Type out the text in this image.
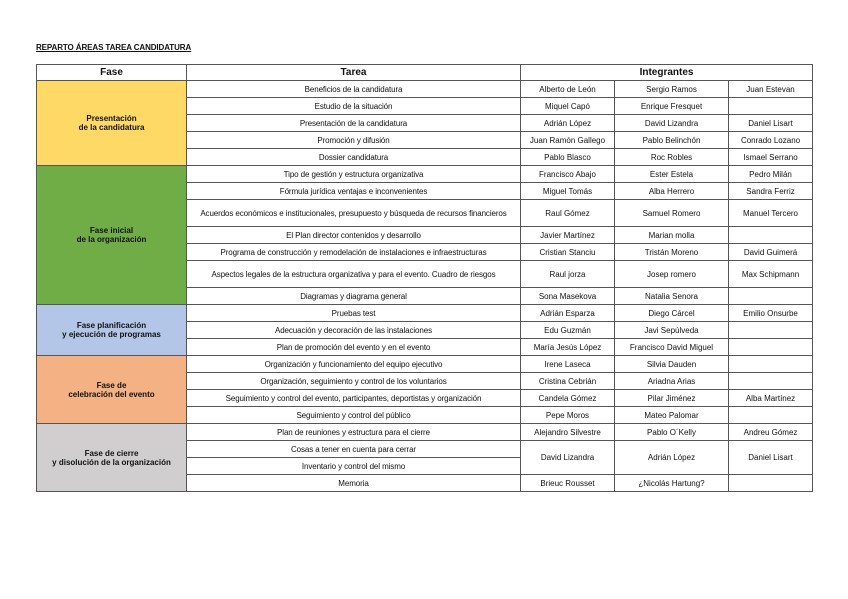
REPARTO ÁREAS TAREA CANDIDATURA
Fase	Tarea	Integrantes		
Presentación
de la candidatura	Beneficios de la candidatura	Alberto de León	Sergio Ramos	Juan Estevan
	Estudio de la situación	Miquel Capó	Enrique Fresquet	
	Presentación de la candidatura	Adrián López	David Lizandra	Daniel Lisart
	Promoción y difusión	Juan Ramón Gallego	Pablo Belinchón	Conrado Lozano
	Dossier candidatura	Pablo Blasco	Roc Robles	Ismael Serrano
Fase inicial
de la organización	Tipo de gestión y estructura organizativa	Francisco Abajo	Ester Estela	Pedro Milán
	Fórmula jurídica ventajas e inconvenientes	Miguel Tomás	Alba Herrero	Sandra Ferriz
	Acuerdos económicos e institucionales, presupuesto y búsqueda de recursos financieros	Raul Gómez	Samuel Romero	Manuel Tercero
	El Plan director contenidos y desarrollo	Javier Martínez	Marian molla	
	Programa de construcción y remodelación de instalaciones e infraestructuras	Cristian Stanciu	Tristán Moreno	David Guimerá
	Aspectos legales de la estructura organizativa y para el evento. Cuadro de riesgos	Raul jorza	Josep romero	Max Schipmann
	Diagramas y diagrama general	Sona Masekova	Natalia Senora	
Fase planificación
y ejecución de programas	Pruebas test	Adrián Esparza	Diego Cárcel	Emilio Onsurbe
	Adecuación y decoración de las instalaciones	Edu Guzmán	Javi Sepúlveda	
	Plan de promoción del evento y en el evento	María Jesús López	Francisco David Miguel	
Fase de
celebración del evento	Organización y funcionamiento del equipo ejecutivo	Irene Laseca	Silvia Dauden	
	Organización, seguimiento y control de los voluntarios	Cristina Cebrián	Ariadna Arias	
	Seguimiento y control del evento, participantes, deportistas y organización	Candela Gómez	Pilar Jiménez	Alba Martínez
	Seguimiento y control del público	Pepe Moros	Mateo Palomar	
Fase de cierre
y disolución de la organización	Plan de reuniones y estructura para el cierre	Alejandro Silvestre	Pablo O´Kelly	Andreu Gómez
	Cosas a tener en cuenta para cerrar	David Lizandra	Adrián López	Daniel Lisart
	Inventario y control del mismo			
	Memoria	Brieuc Rousset	¿Nicolás Hartung?	
